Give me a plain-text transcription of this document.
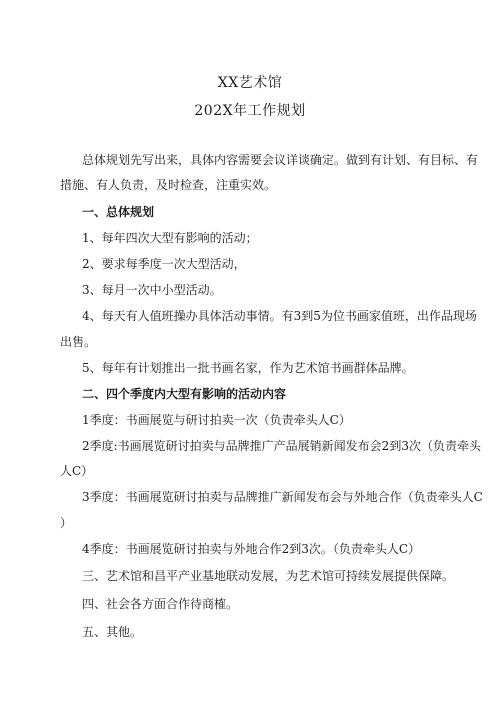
XX艺术馆
202X年工作规划
总体规划先写出来，具体内容需要会议详谈确定。做到有计划、有目标、有
措施、有人负责，及时检查，注重实效。
一、总体规划
1、每年四次大型有影响的活动；
2、要求每季度一次大型活动，
3、每月一次中小型活动。
4、每天有人值班操办具体活动事情。有3到5为位书画家值班，出作品现场
出售。
5、每年有计划推出一批书画名家，作为艺术馆书画群体品牌。
二、四个季度内大型有影响的活动内容
1季度：书画展览与研讨拍卖一次（负责牵头人C）
2季度:书画展览研讨拍卖与品牌推广产品展销新闻发布会2到3次（负责牵头
人C）
3季度：书画展览研讨拍卖与品牌推广新闻发布会与外地合作（负责牵头人C
）
4季度：书画展览研讨拍卖与外地合作2到3次。（负责牵头人C）
三、艺术馆和昌平产业基地联动发展，为艺术馆可持续发展提供保障。
四、社会各方面合作待商榷。
五、其他。
